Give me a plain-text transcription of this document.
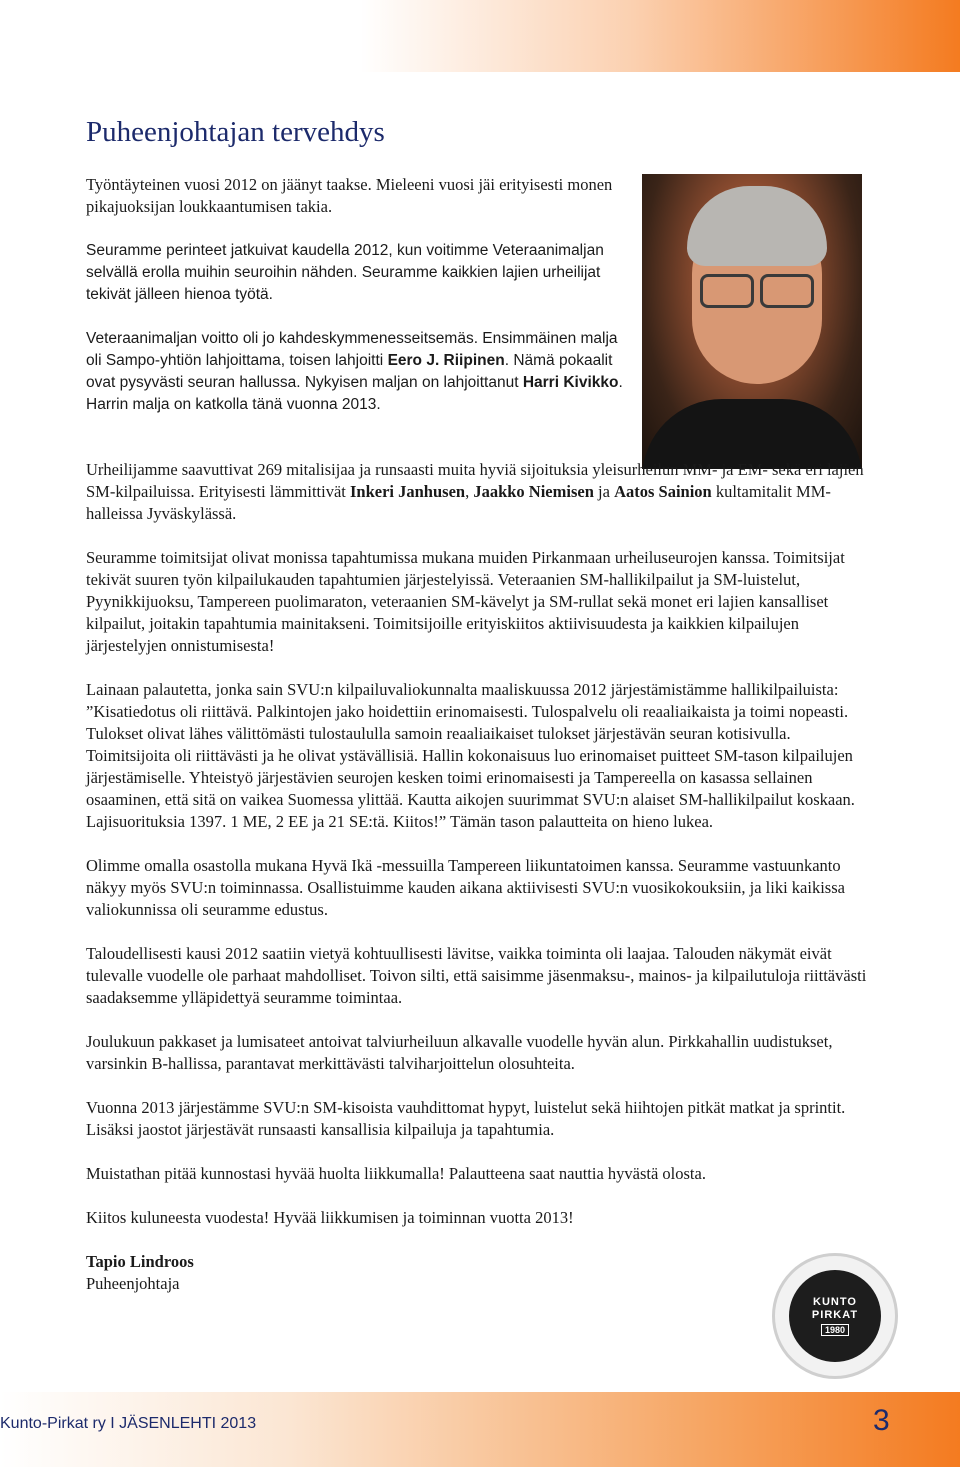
Puheenjohtajan tervehdys

Työntäyteinen vuosi 2012 on jäänyt taakse. Mieleeni vuosi jäi erityisesti monen pikajuoksijan loukkaantumisen takia.

Seuramme perinteet jatkuivat kaudella 2012, kun voitimme Veteraanimaljan selvällä erolla muihin seuroihin nähden. Seuramme kaikkien lajien urheilijat tekivät jälleen hienoa työtä.

Veteraanimaljan voitto oli jo kahdeskymmenesseitsemäs. Ensimmäinen malja oli Sampo-yhtiön lahjoittama, toisen lahjoitti Eero J. Riipinen. Nämä pokaalit ovat pysyvästi seuran hallussa. Nykyisen maljan on lahjoittanut Harri Kivikko. Harrin malja on katkolla tänä vuonna 2013.

Urheilijamme saavuttivat 269 mitalisijaa ja runsaasti muita hyviä sijoituksia yleisurheilun MM- ja EM- sekä eri lajien SM-kilpailuissa. Erityisesti lämmittivät Inkeri Janhusen, Jaakko Niemisen ja Aatos Sainion kultamitalit MM-halleissa Jyväskylässä.

Seuramme toimitsijat olivat monissa tapahtumissa mukana muiden Pirkanmaan urheiluseurojen kanssa. Toimitsijat tekivät suuren työn kilpailukauden tapahtumien järjestelyissä. Veteraanien SM-hallikilpailut ja SM-luistelut, Pyynikkijuoksu, Tampereen puolimaraton, veteraanien SM-kävelyt ja SM-rullat sekä monet eri lajien kansalliset kilpailut, joitakin tapahtumia mainitakseni. Toimitsijoille erityiskiitos aktiivisuudesta ja kaikkien kilpailujen järjestelyjen onnistumisesta!

Lainaan palautetta, jonka sain SVU:n kilpailuvaliokunnalta maaliskuussa 2012 järjestämistämme hallikilpailuista: ”Kisatiedotus oli riittävä. Palkintojen jako hoidettiin erinomaisesti. Tulospalvelu oli reaaliaikaista ja toimi nopeasti. Tulokset olivat lähes välittömästi tulostaululla samoin reaaliaikaiset tulokset järjestävän seuran kotisivulla. Toimitsijoita oli riittävästi ja he olivat ystävällisiä. Hallin kokonaisuus luo erinomaiset puitteet SM-tason kilpailujen järjestämiselle. Yhteistyö järjestävien seurojen kesken toimi erinomaisesti ja Tampereella on kasassa sellainen osaaminen, että sitä on vaikea Suomessa ylittää. Kautta aikojen suurimmat SVU:n alaiset SM-hallikilpailut koskaan. Lajisuorituksia 1397. 1 ME, 2 EE ja 21 SE:tä. Kiitos!” Tämän tason palautteita on hieno lukea.

Olimme omalla osastolla mukana Hyvä Ikä -messuilla Tampereen liikuntatoimen kanssa. Seuramme vastuunkanto näkyy myös SVU:n toiminnassa. Osallistuimme kauden aikana aktiivisesti SVU:n vuosikokouksiin, ja liki kaikissa valiokunnissa oli seuramme edustus.

Taloudellisesti kausi 2012 saatiin vietyä kohtuullisesti lävitse, vaikka toiminta oli laajaa. Talouden näkymät eivät tulevalle vuodelle ole parhaat mahdolliset. Toivon silti, että saisimme jäsenmaksu-, mainos- ja kilpailutuloja riittävästi saadaksemme ylläpidettyä seuramme toimintaa.

Joulukuun pakkaset ja lumisateet antoivat talviurheiluun alkavalle vuodelle hyvän alun. Pirkkahallin uudistukset, varsinkin B-hallissa, parantavat merkittävästi talviharjoittelun olosuhteita.

Vuonna 2013 järjestämme SVU:n SM-kisoista vauhdittomat hypyt, luistelut sekä hiihtojen pitkät matkat ja sprintit. Lisäksi jaostot järjestävät runsaasti kansallisia kilpailuja ja tapahtumia.

Muistathan pitää kunnostasi hyvää huolta liikkumalla! Palautteena saat nauttia hyvästä olosta.

Kiitos kuluneesta vuodesta! Hyvää liikkumisen ja toiminnan vuotta 2013!

Tapio Lindroos
Puheenjohtaja
KUNTO
PIRKAT
1980
Kunto-Pirkat ry I JÄSENLEHTI 2013	3
